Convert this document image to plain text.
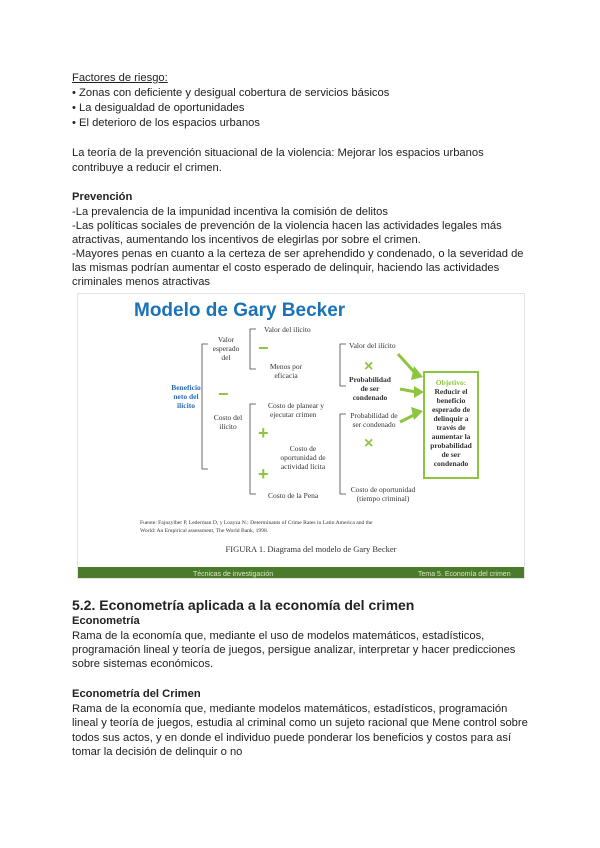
Factores de riesgo:

• Zonas con deficiente y desigual cobertura de servicios básicos

• La desigualdad de oportunidades

• El deterioro de los espacios urbanos

La teoría de la prevención situacional de la violencia: Mejorar los espacios urbanos

contribuye a reducir el crimen.

Prevención

-La prevalencia de la impunidad incentiva la comisión de delitos

-Las políticas sociales de prevención de la violencia hacen las actividades legales más

atractivas, aumentando los incentivos de elegirlas por sobre el crimen.

-Mayores penas en cuanto a la certeza de ser aprehendido y condenado, o la severidad de

las mismas podrían aumentar el costo esperado de delinquir, haciendo las actividades

criminales menos atractivas

Modelo de Gary Becker
Beneficio
neto del
ilícito
−
Valor
esperado
del
Costo del
ilícito
−
Valor del ilícito
Menos por
eficacia
+
+
Costo de planear y
ejecutar crimen
Costo de
oportunidad de
actividad lícita
Costo de la Pena
Valor del ilícito
×
Probabilidad
de ser
condenado
Probabilidad de
ser condenado
×
Costo de oportunidad
(tiempo criminal)
Objetivo:
Reducir el
beneficio
esperado de
delinquir a
través de
aumentar la
probabilidad
de ser
condenado
Fuente: Fajnzylber P, Lederman D, y Loayza N.; Determinants of Crime Rates in Latin America and the
World: An Empirical assessment, The World Bank, 1998.
FIGURA 1. Diagrama del modelo de Gary Becker
Técnicas de investigación	Tema 5. Economía del crimen

5.2. Econometría aplicada a la economía del crimen

Econometría

Rama de la economía que, mediante el uso de modelos matemáticos, estadísticos,

programación lineal y teoría de juegos, persigue analizar, interpretar y hacer predicciones

sobre sistemas económicos.

Econometría del Crimen

Rama de la economía que, mediante modelos matemáticos, estadísticos, programación

lineal y teoría de juegos, estudia al criminal como un sujeto racional que Mene control sobre

todos sus actos, y en donde el individuo puede ponderar los beneficios y costos para así

tomar la decisión de delinquir o no
